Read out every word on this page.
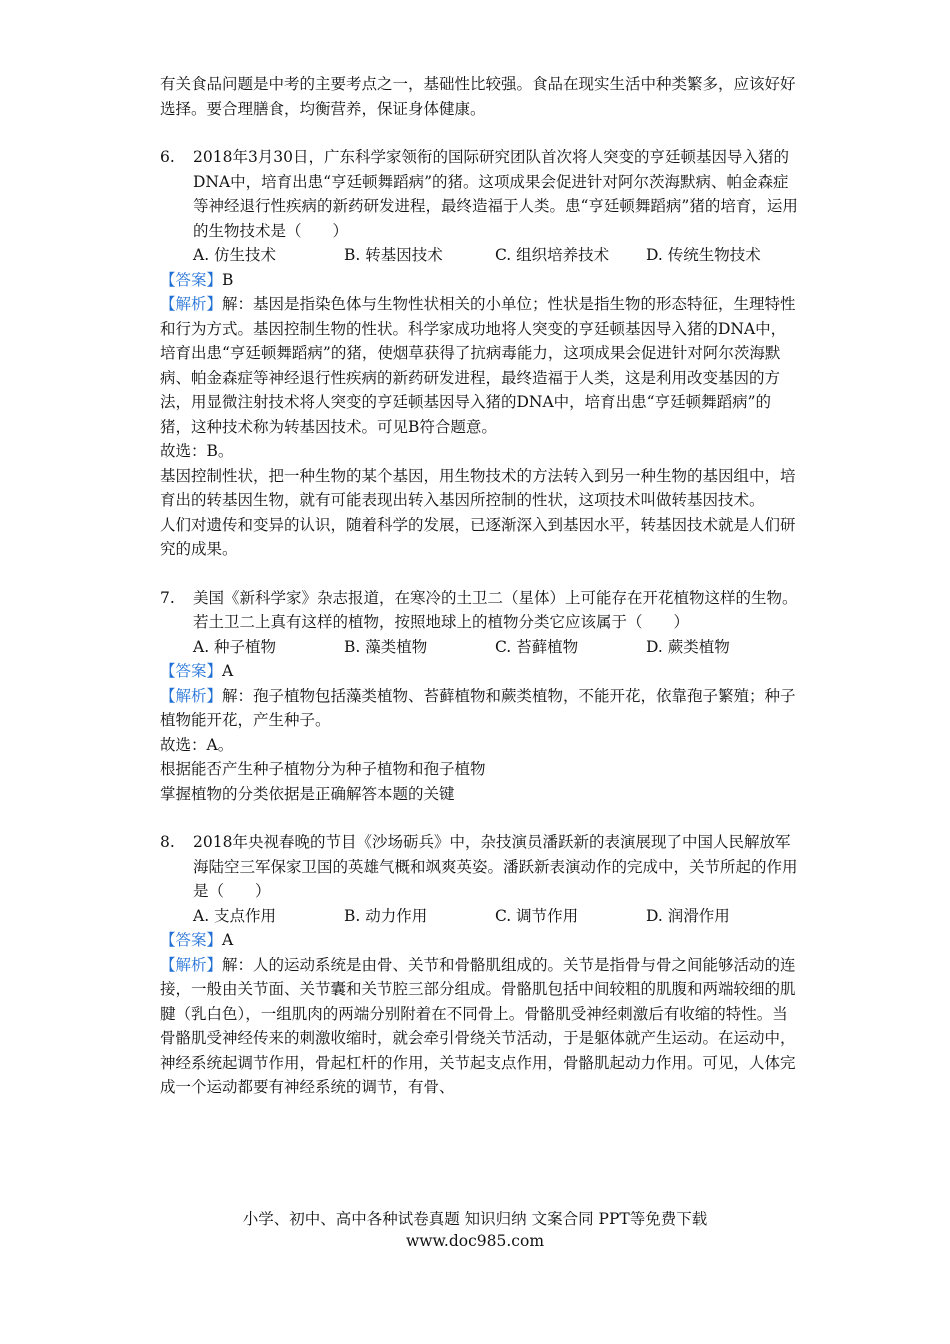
有关食品问题是中考的主要考点之一，基础性比较强。食品在现实生活中种类繁多，应该好好选择。要合理膳食，均衡营养，保证身体健康。

6. 2018年3月30日，广东科学家领衔的国际研究团队首次将人突变的亨廷顿基因导入猪的DNA中，培育出患“亨廷顿舞蹈病”的猪。这项成果会促进针对阿尔茨海默病、帕金森症等神经退行性疾病的新药研发进程，最终造福于人类。患“亨廷顿舞蹈病”猪的培育，运用的生物技术是（　　）
A. 仿生技术	B. 转基因技术	C. 组织培养技术	D. 传统生物技术
【答案】B
【解析】解：基因是指染色体与生物性状相关的小单位；性状是指生物的形态特征，生理特性和行为方式。基因控制生物的性状。科学家成功地将人突变的亨廷顿基因导入猪的DNA中，培育出患“亨廷顿舞蹈病”的猪，使烟草获得了抗病毒能力，这项成果会促进针对阿尔茨海默病、帕金森症等神经退行性疾病的新药研发进程，最终造福于人类，这是利用改变基因的方法，用显微注射技术将人突变的亨廷顿基因导入猪的DNA中，培育出患“亨廷顿舞蹈病”的猪，这种技术称为转基因技术。可见B符合题意。

故选：B。

基因控制性状，把一种生物的某个基因，用生物技术的方法转入到另一种生物的基因组中，培育出的转基因生物，就有可能表现出转入基因所控制的性状，这项技术叫做转基因技术。

人们对遗传和变异的认识，随着科学的发展，已逐渐深入到基因水平，转基因技术就是人们研究的成果。

7. 美国《新科学家》杂志报道，在寒冷的土卫二（星体）上可能存在开花植物这样的生物。若土卫二上真有这样的植物，按照地球上的植物分类它应该属于（　　）
A. 种子植物	B. 藻类植物	C. 苔藓植物	D. 蕨类植物
【答案】A
【解析】解：孢子植物包括藻类植物、苔藓植物和蕨类植物，不能开花，依靠孢子繁殖；种子植物能开花，产生种子。

故选：A。

根据能否产生种子植物分为种子植物和孢子植物

掌握植物的分类依据是正确解答本题的关键

8. 2018年央视春晚的节目《沙场砺兵》中，杂技演员潘跃新的表演展现了中国人民解放军海陆空三军保家卫国的英雄气概和飒爽英姿。潘跃新表演动作的完成中，关节所起的作用是（　　）
A. 支点作用	B. 动力作用	C. 调节作用	D. 润滑作用
【答案】A
【解析】解：人的运动系统是由骨、关节和骨骼肌组成的。关节是指骨与骨之间能够活动的连接，一般由关节面、关节囊和关节腔三部分组成。骨骼肌包括中间较粗的肌腹和两端较细的肌腱（乳白色），一组肌肉的两端分别附着在不同骨上。骨骼肌受神经刺激后有收缩的特性。当骨骼肌受神经传来的刺激收缩时，就会牵引骨绕关节活动，于是躯体就产生运动。在运动中，神经系统起调节作用，骨起杠杆的作用，关节起支点作用，骨骼肌起动力作用。可见，人体完成一个运动都要有神经系统的调节，有骨、
小学、初中、高中各种试卷真题 知识归纳 文案合同 PPT等免费下载
www.doc985.com
